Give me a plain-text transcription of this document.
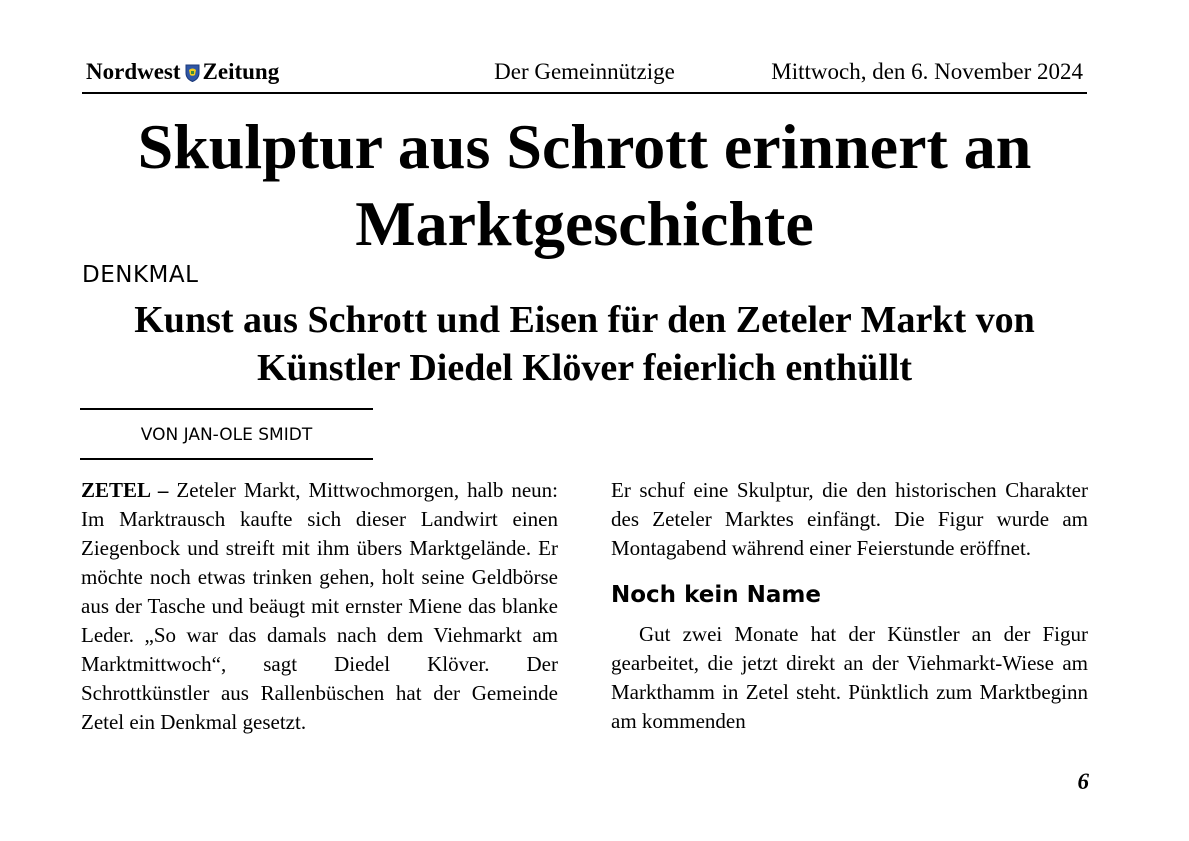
Nordwest Zeitung	Der Gemeinnützige	Mittwoch, den 6. November 2024
Skulptur aus Schrott erinnert an Marktgeschichte
DENKMAL
Kunst aus Schrott und Eisen für den Zeteler Markt von Künstler Diedel Klöver feierlich enthüllt
VON JAN-OLE SMIDT

ZETEL – Zeteler Markt, Mittwochmorgen, halb neun: Im Marktrausch kaufte sich dieser Landwirt einen Ziegenbock und streift mit ihm übers Marktgelände. Er möchte noch etwas trinken gehen, holt seine Geldbörse aus der Tasche und beäugt mit ernster Miene das blanke Leder. „So war das damals nach dem Viehmarkt am Marktmittwoch“, sagt Diedel Klöver. Der Schrottkünstler aus Rallenbüschen hat der Gemeinde Zetel ein Denkmal gesetzt.

Er schuf eine Skulptur, die den historischen Charakter des Zeteler Marktes einfängt. Die Figur wurde am Montagabend während einer Feierstunde eröffnet.

Noch kein Name

Gut zwei Monate hat der Künstler an der Figur gearbeitet, die jetzt direkt an der Viehmarkt-Wiese am Markthamm in Zetel steht. Pünktlich zum Marktbeginn am kommenden

6
